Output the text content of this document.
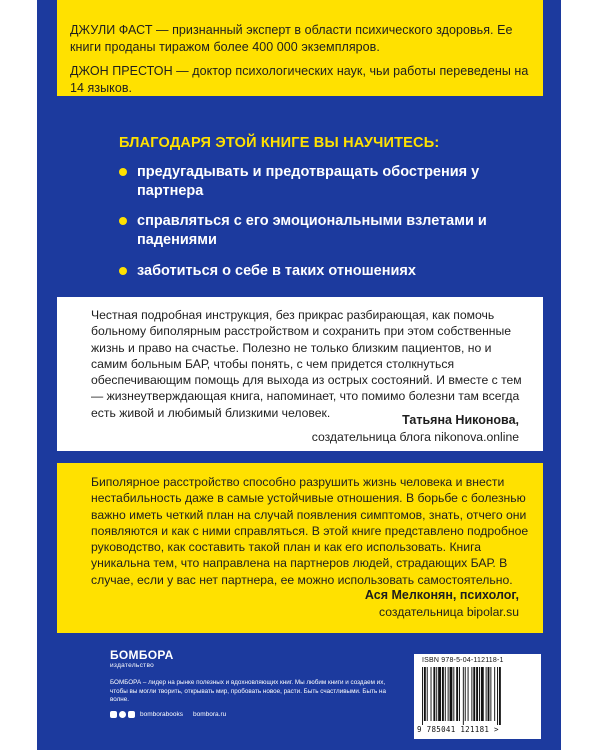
ДЖУЛИ ФАСТ — признанный эксперт в области психического здоровья. Ее книги проданы тиражом более 400 000 экземпляров.

ДЖОН ПРЕСТОН — доктор психологических наук, чьи работы переведены на 14 языков.

БЛАГОДАРЯ ЭТОЙ КНИГЕ ВЫ НАУЧИТЕСЬ:
предугадывать и предотвращать обострения у партнера
справляться с его эмоциональными взлетами и падениями
заботиться о себе в таких отношениях

Честная подробная инструкция, без прикрас разбирающая, как помочь больному биполярным расстройством и сохранить при этом собственные жизнь и право на счастье. Полезно не только близким пациентов, но и самим больным БАР, чтобы понять, с чем придется столкнуться обеспечивающим помощь для выхода из острых состояний. И вместе с тем — жизнеутверждающая книга, напоминает, что помимо болезни там всегда есть живой и любимый близкими человек.

Татьяна Никонова,

создательница блога nikonova.online

Биполярное расстройство способно разрушить жизнь человека и внести нестабильность даже в самые устойчивые отношения. В борьбе с болезнью важно иметь четкий план на случай появления симптомов, знать, отчего они появляются и как с ними справляться. В этой книге представлено подробное руководство, как составить такой план и как его использовать. Книга уникальна тем, что направлена на партнеров людей, страдающих БАР. В случае, если у вас нет партнера, ее можно использовать самостоятельно.

Ася Мелконян, психолог,

создательница bipolar.su

БОМБОРА
издательство

БОМБОРА – лидер на рынке полезных и вдохновляющих книг. Мы любим книги и создаем их, чтобы вы могли творить, открывать мир, пробовать новое, расти. Быть счастливыми. Быть на волне.

bomborabooks bombora.ru

ISBN 978-5-04-112118-1

9 785041 121181 >
